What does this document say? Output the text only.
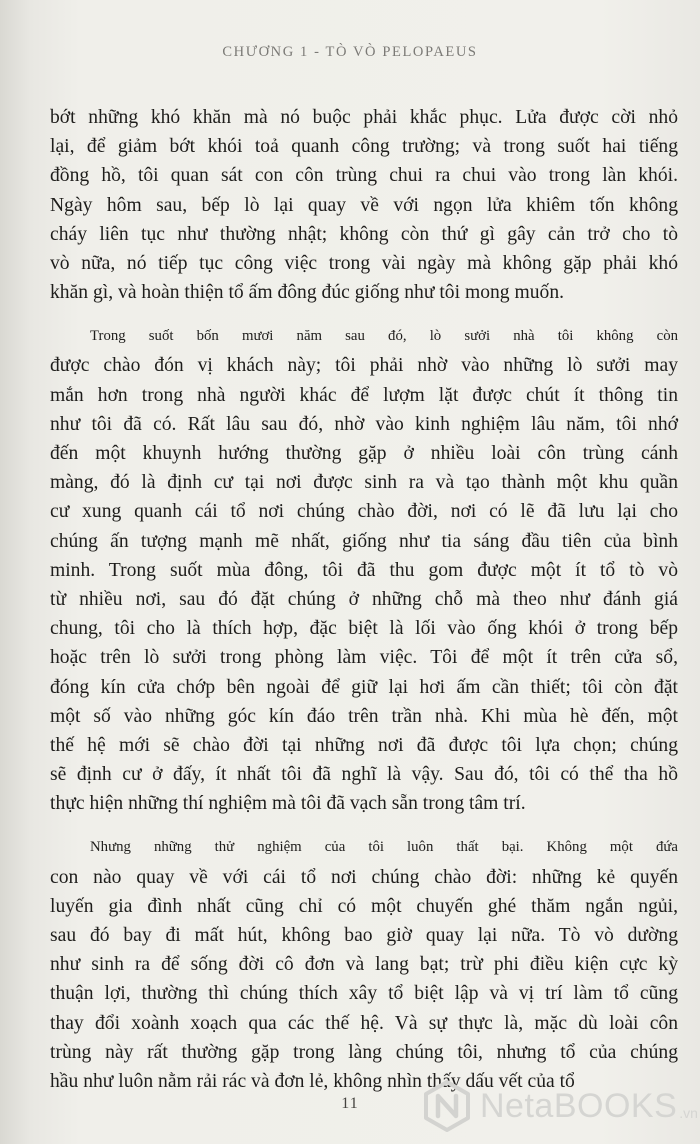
CHƯƠNG 1 - TÒ VÒ PELOPAEUS
bớt những khó khăn mà nó buộc phải khắc phục. Lửa được cời nhỏ
lại, để giảm bớt khói toả quanh công trường; và trong suốt hai tiếng
đồng hồ, tôi quan sát con côn trùng chui ra chui vào trong làn khói.
Ngày hôm sau, bếp lò lại quay về với ngọn lửa khiêm tốn không
cháy liên tục như thường nhật; không còn thứ gì gây cản trở cho tò
vò nữa, nó tiếp tục công việc trong vài ngày mà không gặp phải khó
khăn gì, và hoàn thiện tổ ấm đông đúc giống như tôi mong muốn.
Trong suốt bốn mươi năm sau đó, lò sưởi nhà tôi không còn
được chào đón vị khách này; tôi phải nhờ vào những lò sưởi may
mắn hơn trong nhà người khác để lượm lặt được chút ít thông tin
như tôi đã có. Rất lâu sau đó, nhờ vào kinh nghiệm lâu năm, tôi nhớ
đến một khuynh hướng thường gặp ở nhiều loài côn trùng cánh
màng, đó là định cư tại nơi được sinh ra và tạo thành một khu quần
cư xung quanh cái tổ nơi chúng chào đời, nơi có lẽ đã lưu lại cho
chúng ấn tượng mạnh mẽ nhất, giống như tia sáng đầu tiên của bình
minh. Trong suốt mùa đông, tôi đã thu gom được một ít tổ tò vò
từ nhiều nơi, sau đó đặt chúng ở những chỗ mà theo như đánh giá
chung, tôi cho là thích hợp, đặc biệt là lối vào ống khói ở trong bếp
hoặc trên lò sưởi trong phòng làm việc. Tôi để một ít trên cửa sổ,
đóng kín cửa chớp bên ngoài để giữ lại hơi ấm cần thiết; tôi còn đặt
một số vào những góc kín đáo trên trần nhà. Khi mùa hè đến, một
thế hệ mới sẽ chào đời tại những nơi đã được tôi lựa chọn; chúng
sẽ định cư ở đấy, ít nhất tôi đã nghĩ là vậy. Sau đó, tôi có thể tha hồ
thực hiện những thí nghiệm mà tôi đã vạch sẵn trong tâm trí.
Nhưng những thử nghiệm của tôi luôn thất bại. Không một đứa
con nào quay về với cái tổ nơi chúng chào đời: những kẻ quyến
luyến gia đình nhất cũng chỉ có một chuyến ghé thăm ngắn ngủi,
sau đó bay đi mất hút, không bao giờ quay lại nữa. Tò vò dường
như sinh ra để sống đời cô đơn và lang bạt; trừ phi điều kiện cực kỳ
thuận lợi, thường thì chúng thích xây tổ biệt lập và vị trí làm tổ cũng
thay đổi xoành xoạch qua các thế hệ. Và sự thực là, mặc dù loài côn
trùng này rất thường gặp trong làng chúng tôi, nhưng tổ của chúng
hầu như luôn nằm rải rác và đơn lẻ, không nhìn thấy dấu vết của tổ
11	NetaBOOKS .vn
